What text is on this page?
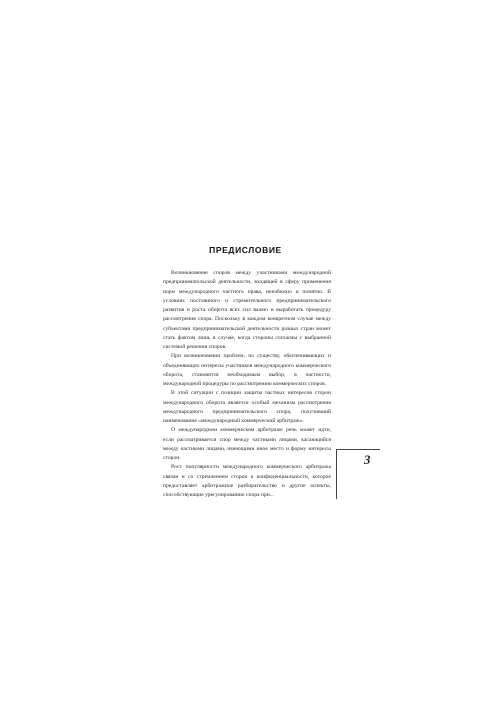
ПРЕДИСЛОВИЕ

Возникновение споров между участниками международной предпринимательской деятельности, входящей в сферу применения норм международного частного права, неизбежно и понятно. В условиях постоянного и стремительного предпринимательского развития и роста оборота всех сил важно и выработать процедуру рассмотрения спора. Поскольку в каждом конкретном случае между субъектами предпринимательской деятельности разных стран может стать фактом лишь в случае, когда стороны согласны с выбранной системой решения споров.

При возникновении проблем, по существу, обеспечивающих и объединяющих интересы участников международного коммерческого оборота, становится необходимым выбор, в частности, международной процедуры по рассмотрению коммерческих споров.

В этой ситуации с позиции защиты частных интересов сторон международного оборота является особый механизм рассмотрения международного предпринимательского спора, получивший наименование «международный коммерческий арбитраж».

О международном коммерческом арбитраже речь может идти, если рассматривается спор между частными лицами, касающийся между частными лицами, имеющими иное место и форму интересы сторон.

Рост популярности международного коммерческого арбитража связан и со стремлением сторон к конфиденциальности, которое предоставляет арбитражное разбирательство и другие аспекты, способствующие урегулированию спора при...

3
